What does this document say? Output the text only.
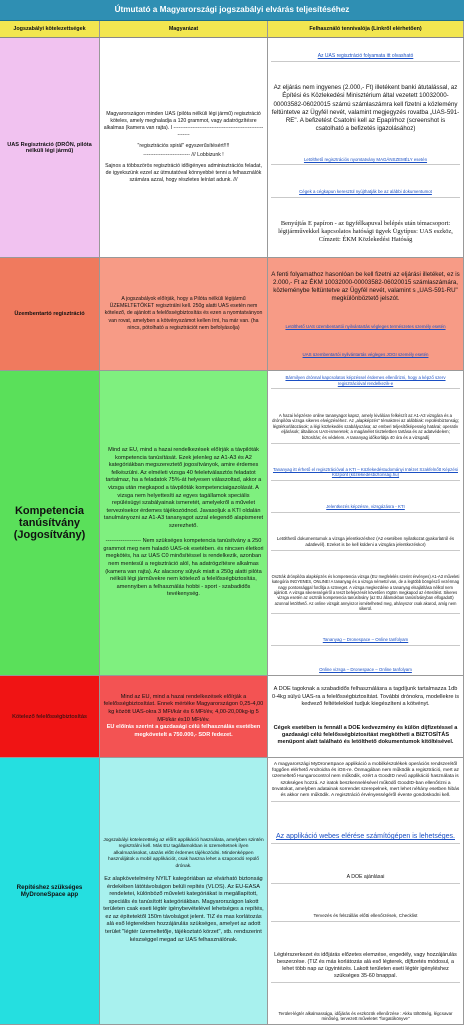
Útmutató a Magyarországi jogszabályi elvárás teljesítéséhez
Jogszabályi kötelezettségek	Magyarázat	Felhasználó tennivalója (Linkről elérhetően)
UAS Regisztráció (DRÓN, pilóta nélküli légi jármű)
Magyarországon minden UAS (pilóta nélküli légi jármű) regisztráció köteles, amely meghaladja a 120 grammot, vagy adatrögzítésre alkalmas (kamera van rajta). I -----------------------------------------------------------
"regisztrációs spirál" egyszerűsítésért!!!!
--------------------------- /// Lobbizunk !
Sajnos a többszörös regisztráció időigényes adminisztrációs feladat, de igyekszünk ezzel az útmutatóval könnyebbé tenni a felhasználók számára azzal, hogy részletes leírást adunk. ///
Az UAS regisztráció folyamata itt olvasható
Az eljárás nem ingyenes (2.000,- Ft) illetékent banki átutalással, az Építési és Közlekedési Minisztérium által vezetett 10032000-00003582-06020015 számú számlaszámra kell fizetni a közlemény feltüntetve az Ügyfél nevét, valamint megjegyzés rovatba „UAS-591-RE". A befizetést Csatolni kell az Epapírhoz (screenshot is csatolható a befizetés igazolásához)
Letölthető regisztrációs nyomtatvány MAGÁNSZEMÉLY esetén
Cégek a cégkapun keresztül nyújthatják be az alábbi dokumentumot
Benyújtás E papíron - az ügyfélkapuval belépés után témacsoport: légijárművekkel kapcsolatos hatósági ügyek Ügytípus: UAS eszköz, Címzett: ÉKM Közlekedési Hatóság
Üzembentartó regisztráció
A jogszabályok előírják, hogy a Pilóta nélküli légijármű ÜZEMELTETŐKET regisztrálni kell. 250g alatti UAS esetén nem kötelező, de ajánlott a felelősségbiztosítás és ezen a nyomtatványon van rovat, amelyben a kötvényszámot kellen írni, ha már van. (ha nincs, pótolható a regisztrációt nem befolyásolja)
A fenti folyamathoz hasonlóan be kell fizetni az eljárási illetéket, ez is 2.000,- Ft az ÉKM 10032000-00003582-06020015 számlaszámára, közleménybe feltüntetve az Ügyfél nevét, valamint s „UAS-591-RU" megkülönböztető jelszót.
Letölthető UAS üzembentartói nyilvántartás végleges természetes személy esetén
UAS üzembentartói nyilvántartás végleges JOGI személy esetén
Kompetencia tanúsítvány (Jogosítvány)
Mind az EU, mind a hazai rendelkezések előírják a távpilóták kompetencia tanúsítását. Ezek jelenleg az A1-A3 és A2 kategóriákban megszereztető jogosítványok, amire érdemes felkészülni. Az elméleti vizsga 40 feleletválasztós feladatot tartalmaz, ha a feladatok 75%-át helyesen válaszoltad, akkor a vizsga után megkapod a távpilóták kompetenciaigazolását. A vizsga nem helyettesíti az egyes tagállamok speciális repülésügyi szabályainak ismeretét, amelyekről a művelet tervezésekor érdemes tájékozódnod. Javasoljuk a KTI oldalán tanulmányozni az A1-A3 tananyagot azzal elegendő alapismeret szerezhető.
------------------- Nem szükséges kompetencia tanúsítvány a 250 grammot meg nem haladó UAS-ok esetében. és nincsen életkori megkötés, ha az UAS C0 minősítéssel is rendelkezik, azonban nem mentesül a regisztráció alól, ha adatrögzítésre alkalmas (kamera van rajta). Az alacsony súlyuk miatt a 250g alatti pilóta nélküli légi járművekre nem kötelező a felelősségbiztosítás, amennyiben a felhasználás hobbi - sport - szabadidős tevékenység.
Bármilyen drónnal kapcsolatos képzéssel érdemes ellenőrizni, hogy a képző szerv regisztrációval rendelkezik-e
A hazai képzésre online tananyagot kapsz, amely kiválóan felkészít az A1-A3 vizsgára és a drónpilóta vizsga sikeres elvégzéséhez. Az „alapképzés" témakörei az alábbiak: repülésbiztonság; légtérkorlátozások; a légi közlekedés szabályozása; az emberi teljesítőképesség határai; operatív eljárások; általános UAS-ismeretek; a magánélet tiszteletben tartása és az adatvédelem; biztosítás; és védelem. A tananyag időkorlátja 40 óra és a vizsgadíj
Tananyag itt érhető el regisztrációval a KTI – Közlekedéstudományi Intézet Szakfelnőtt Képzési Központ (közlekedésbiztonság.hu)
Jelentkezés képzésre, vizsgázásra - KTI
Letölthető dokumentumok a vizsga jelentkezéshez (A2 esetében nyilatkozat gyakorlatról és adatlevél). Ezeket is be kell küldeni a vizsgára jelentkezéskor)
Osztrák drónpilóta alapképzés és kompetencia vizsga (EU megfelelés szerint érvényes) A1-A3 műveleti kategória INGYENES, ONLINE! A tananyag és a vizsga németül van, de a legtöbb böngésző vezérmag nagy pontossággal fordítja a szöveget. A vizsga megkezdése a tananyag elsajátítása nélkül nem ajánlott. A vizsga sikerességéről a teszt befejezését követően rögtön megkapod az értesítést. Sikeres vizsga esetén az osztrák kompetencia tanúsítvány (az EU államokban tanúsítványban elfogadott) azonnal letölthető. Az online vizsgát annyiszor ismételheted meg, ahányszor csak akarod, amíg nem sikerül.
Tananyag – Dronespace – Online tanfolyam
Online vizsga – Dronespace – Online tanfolyam
Kötelező felelősségbiztosítás
Mind az EU, mind a hazai rendelkezések előírják a felelősségbiztosítást. Ennek mértéke Magyarországon 0,25-4,00 kg között UAS-okra 3 MFt/kár és 6 MFt/év, 4,00-20,00kg-ig 5 MFt/kár és10 MFt/év.
EU előírás szerint a gazdasági célú felhasználás esetében megkövetelt a 750.000,- SDR fedezet.
A DOE tagoknak a szabadidős felhasználásra a tagdíjunk tartalmazza 1db 0-4kg súlyú UAS-ra a felelősségbiztosítást. További drónokra, modellekre is kedvező feltételekkel tudjuk kiegészíteni a kötvényt.
Cégek esetében is fennáll a DOE kedvezmény és külön díjfizetéssel a gazdasági célú felelősségbiztosítást megkötheti a BIZTOSÍTÁS menüpont alatt található és letölthető dokumentumok kitöltésével.
Repítéshez szükséges MyDroneSpace app
Jogszabályi kötelezettség az előírt applikáció használata, amelyben szintén regisztrálni kell. Más EU tagállamokban is üzemeltetnek ilyen alkalmazásokat, utazás előtt érdemes tájékozódni. Mindenképpen használjátok a mobil applikációt, csak haszna lehet a szaporodó repülő drónak.
Ez alapkövetelmény NYILT kategóriában az elvárható biztonság érdekében látótávolságon belüli repítés (VLOS). Az EU-EASA rendeletei, különböző műveleti kategóriákat is megállapított, speciális és tanúsított kategóriákban. Magyarországon lakott területen csak eseti légtér igénybevételével lehetséges a repítés, ez az építetektől 150m távolságot jelent. TIZ és mas korlátozás alá eső légterekben hozzájárulás szükséges, amelyet az adott terület "légtér üzemeltetője, tájékoztató körzet", stb. rendszerint készséggel megad az UAS felhasználónak.
A magyarországi MyDroneSpace applikáció a mobilkészülékek operációs rendszerétől függően elérhető Androidra és iOS-re. Önmagában nem működik a regisztráció, mert az üzemeltető Hungarocontrol nem működik, ezért a GoodID nevű applikáció használata is szükséges hozzá. Az iratok beszkennelésével működő GoodID-ban ellenőrizni a önvatokat, amelyben adatainak sorrendet szerepelnek, mert lehet néhány esetben hibás és akkor nem működik. A regisztráció érvényességéről évente gondoskodni kell.
Az applikáció webes elérése számítógépen is lehetséges.
A DOE ajánlásai
Tervezés és felszállás előtti ellenőrzések, Checklist
Légtérszerkezet és időjárás előzetes elemzése, engedély, vagy hozzájárulás beszerzése. (TIZ és más korlátozás alá eső légterek, díjfizetés módosul, a lehet több nap az ügyintézés. Lakott területen eseti légtér igényléshez szükséges 35-60 bnappal.
Terület-légtér alkalmassága, időjárás és eszközök ellenőrzése : Akku töltöttség, légcsavar minőség, tervezett műveletet "forgatókönyve"
